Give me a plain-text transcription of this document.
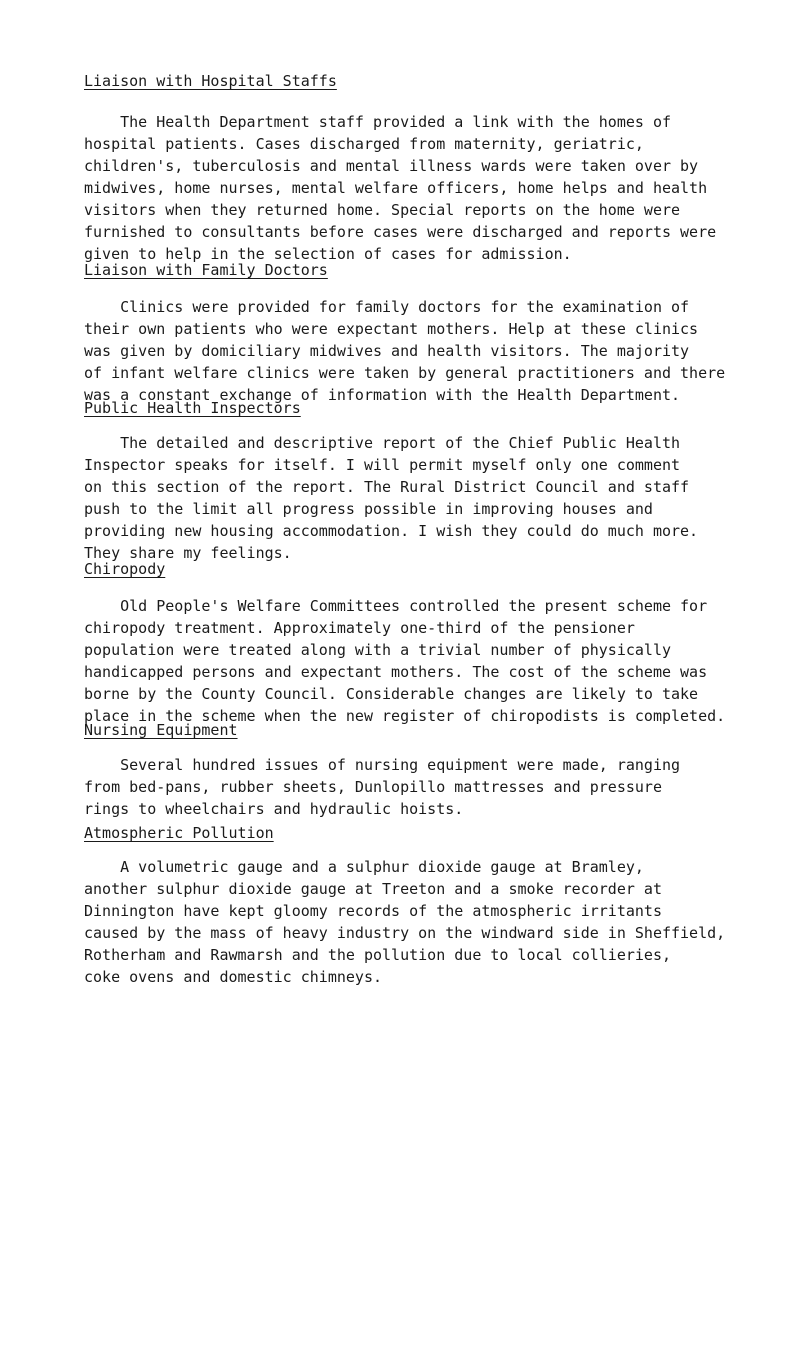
Liaison with Hospital Staffs
The Health Department staff provided a link with the homes of
hospital patients. Cases discharged from maternity, geriatric,
children's, tuberculosis and mental illness wards were taken over by
midwives, home nurses, mental welfare officers, home helps and health
visitors when they returned home. Special reports on the home were
furnished to consultants before cases were discharged and reports were
given to help in the selection of cases for admission.
Liaison with Family Doctors
Clinics were provided for family doctors for the examination of
their own patients who were expectant mothers. Help at these clinics
was given by domiciliary midwives and health visitors. The majority
of infant welfare clinics were taken by general practitioners and there
was a constant exchange of information with the Health Department.
Public Health Inspectors
The detailed and descriptive report of the Chief Public Health
Inspector speaks for itself. I will permit myself only one comment
on this section of the report. The Rural District Council and staff
push to the limit all progress possible in improving houses and
providing new housing accommodation. I wish they could do much more.
They share my feelings.
Chiropody
Old People's Welfare Committees controlled the present scheme for
chiropody treatment. Approximately one-third of the pensioner
population were treated along with a trivial number of physically
handicapped persons and expectant mothers. The cost of the scheme was
borne by the County Council. Considerable changes are likely to take
place in the scheme when the new register of chiropodists is completed.
Nursing Equipment
Several hundred issues of nursing equipment were made, ranging
from bed-pans, rubber sheets, Dunlopillo mattresses and pressure
rings to wheelchairs and hydraulic hoists.
Atmospheric Pollution
A volumetric gauge and a sulphur dioxide gauge at Bramley,
another sulphur dioxide gauge at Treeton and a smoke recorder at
Dinnington have kept gloomy records of the atmospheric irritants
caused by the mass of heavy industry on the windward side in Sheffield,
Rotherham and Rawmarsh and the pollution due to local collieries,
coke ovens and domestic chimneys.
